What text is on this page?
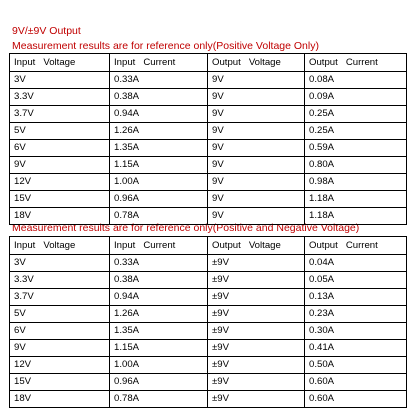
9V/±9V Output
Measurement results are for reference only(Positive Voltage Only)
Measurement results are for reference only(Positive and Negative Voltage)
Input Voltage	Input Current	Output Voltage	Output Current
3V	0.33A	9V	0.08A
3.3V	0.38A	9V	0.09A
3.7V	0.94A	9V	0.25A
5V	1.26A	9V	0.25A
6V	1.35A	9V	0.59A
9V	1.15A	9V	0.80A
12V	1.00A	9V	0.98A
15V	0.96A	9V	1.18A
18V	0.78A	9V	1.18A
Input Voltage	Input Current	Output Voltage	Output Current
3V	0.33A	±9V	0.04A
3.3V	0.38A	±9V	0.05A
3.7V	0.94A	±9V	0.13A
5V	1.26A	±9V	0.23A
6V	1.35A	±9V	0.30A
9V	1.15A	±9V	0.41A
12V	1.00A	±9V	0.50A
15V	0.96A	±9V	0.60A
18V	0.78A	±9V	0.60A
